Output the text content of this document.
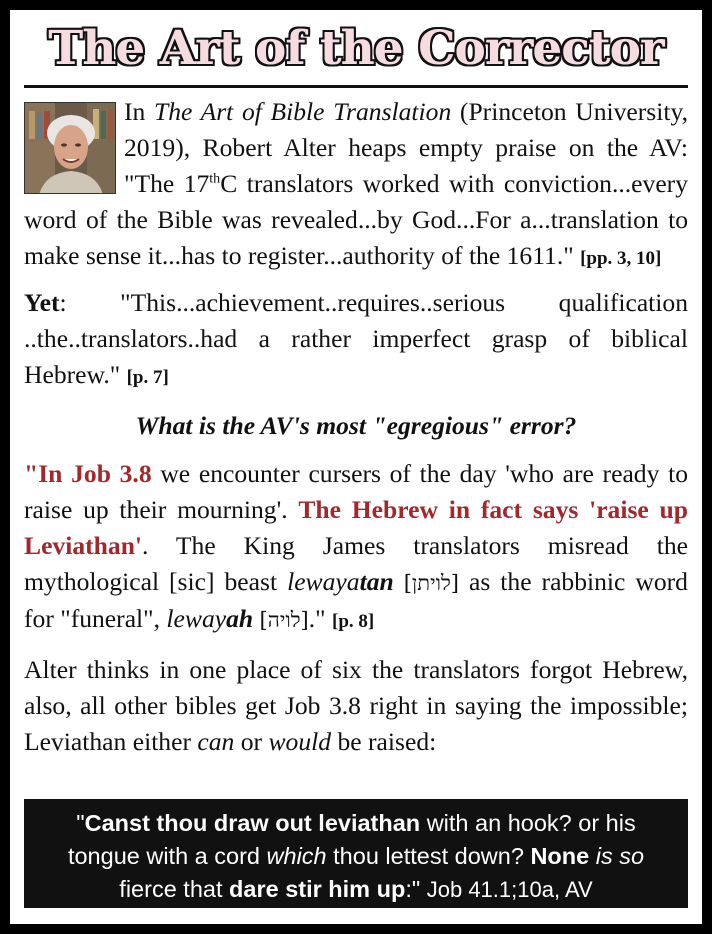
The Art of the Corrector

In The Art of Bible Translation (Princeton University, 2019), Robert Alter heaps empty praise on the AV: "The 17thC translators worked with conviction...every word of the Bible was revealed...by God...For a...translation to make sense it...has to register...authority of the 1611." [pp. 3, 10]

Yet: "This...achievement..requires..serious qualification ..the..translators..had a rather imperfect grasp of biblical Hebrew." [p. 7]

What is the AV's most "egregious" error?

"In Job 3.8 we encounter cursers of the day 'who are ready to raise up their mourning'. The Hebrew in fact says 'raise up Leviathan'. The King James translators misread the mythological [sic] beast lewayatan [לויתן] as the rabbinic word for "funeral", lewayah [לויה]." [p. 8]

Alter thinks in one place of six the translators forgot Hebrew, also, all other bibles get Job 3.8 right in saying the impossible; Leviathan either can or would be raised:

"Canst thou draw out leviathan with an hook? or his tongue with a cord which thou lettest down? None is so fierce that dare stir him up:" Job 41.1;10a, AV
